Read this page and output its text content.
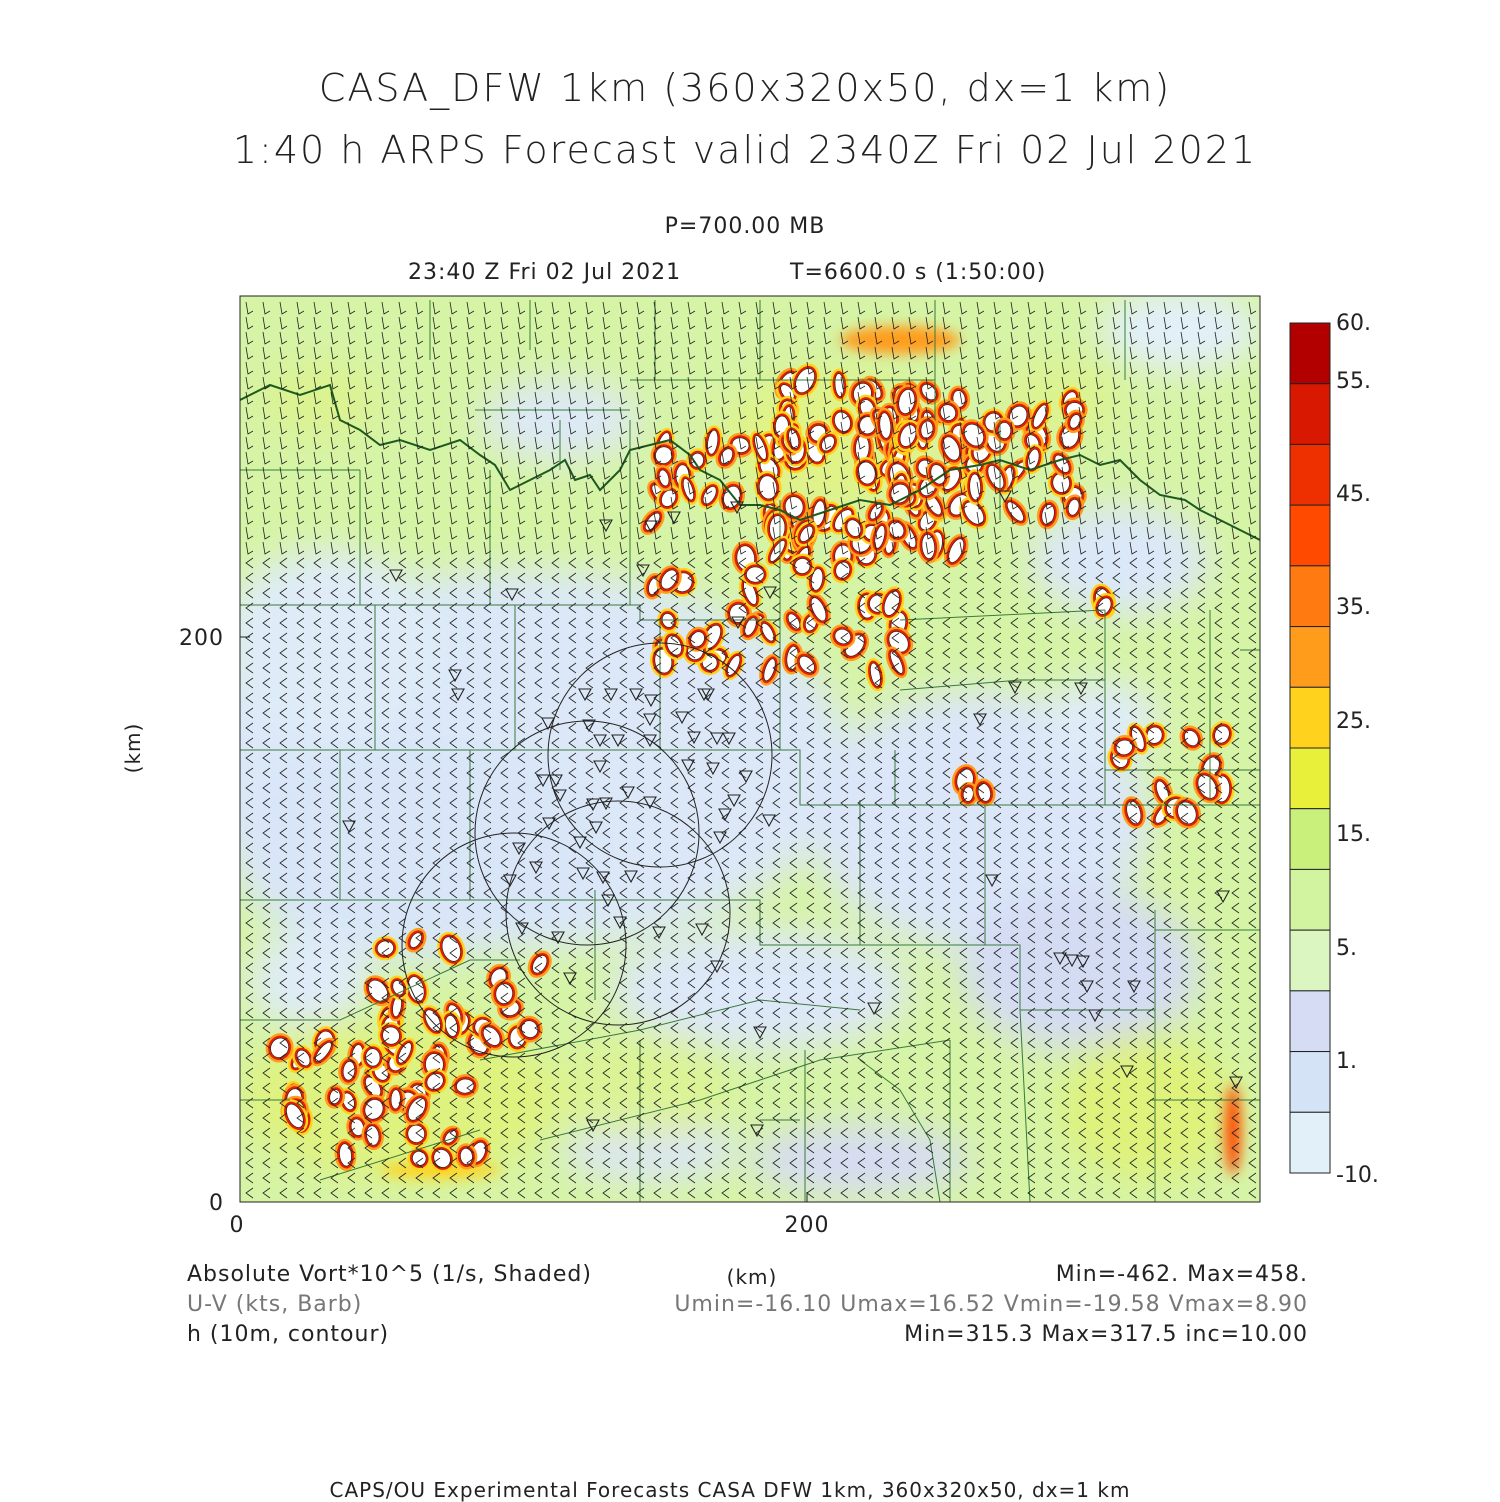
CASA_DFW 1km (360x320x50, dx=1 km)
1:40 h ARPS Forecast valid 2340Z Fri 02 Jul 2021
P=700.00 MB
23:40 Z Fri 02 Jul 2021	T=6600.0 s (1:50:00)
0	200
0
200
(km)
(km)
60.
55.
45.
35.
25.
15.
5.
1.
-10.
Absolute Vort*10^5 (1/s, Shaded)
U-V (kts, Barb)
h (10m, contour)
Min=-462. Max=458.
Umin=-16.10 Umax=16.52 Vmin=-19.58 Vmax=8.90
Min=315.3 Max=317.5 inc=10.00
CAPS/OU Experimental Forecasts CASA DFW 1km, 360x320x50, dx=1 km
